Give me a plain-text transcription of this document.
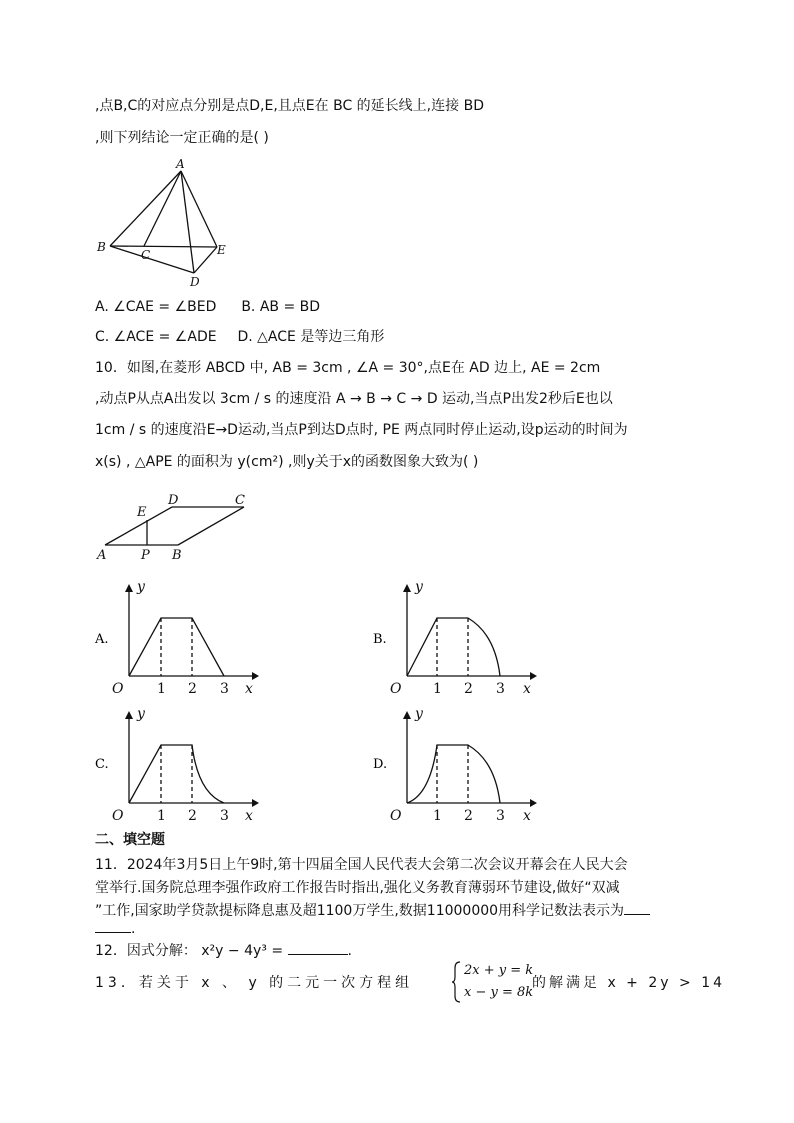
,点B,C的对应点分别是点D,E,且点E在 BC 的延长线上,连接 BD
,则下列结论一定正确的是( )
A
B
C	E
D
A. ∠CAE = ∠BED B. AB = BD
C. ∠ACE = ∠ADE D. △ACE 是等边三角形
10．如图,在菱形 ABCD 中, AB = 3cm , ∠A = 30°,点E在 AD 边上, AE = 2cm
,动点P从点A出发以 3cm / s 的速度沿 A → B → C → D 运动,当点P出发2秒后E也以
1cm / s 的速度沿E→D运动,当点P到达D点时, PE 两点同时停止运动,设p运动的时间为
x(s) , △APE 的面积为 y(cm²) ,则y关于x的函数图象大致为( )
A	P B
E
D	C
A.
y
x
O 1 2 3
B.
y
x
O 1 2 3
C.
y
x
O 1 2 3
D.
y
x
O 1 2 3
二、填空题
11．2024年3月5日上午9时,第十四届全国人民代表大会第二次会议开幕会在人民大会
堂举行.国务院总理李强作政府工作报告时指出,强化义务教育薄弱环节建设,做好“双减
”工作,国家助学贷款提标降息惠及超1100万学生,数据11000000用科学记数法表示为
.
12．因式分解： x²y − 4y³ =	.
13．若关于 x 、 y 的二元一次方程组
2x + y = k
x − y = 8k
的解满足 x + 2y > 14
